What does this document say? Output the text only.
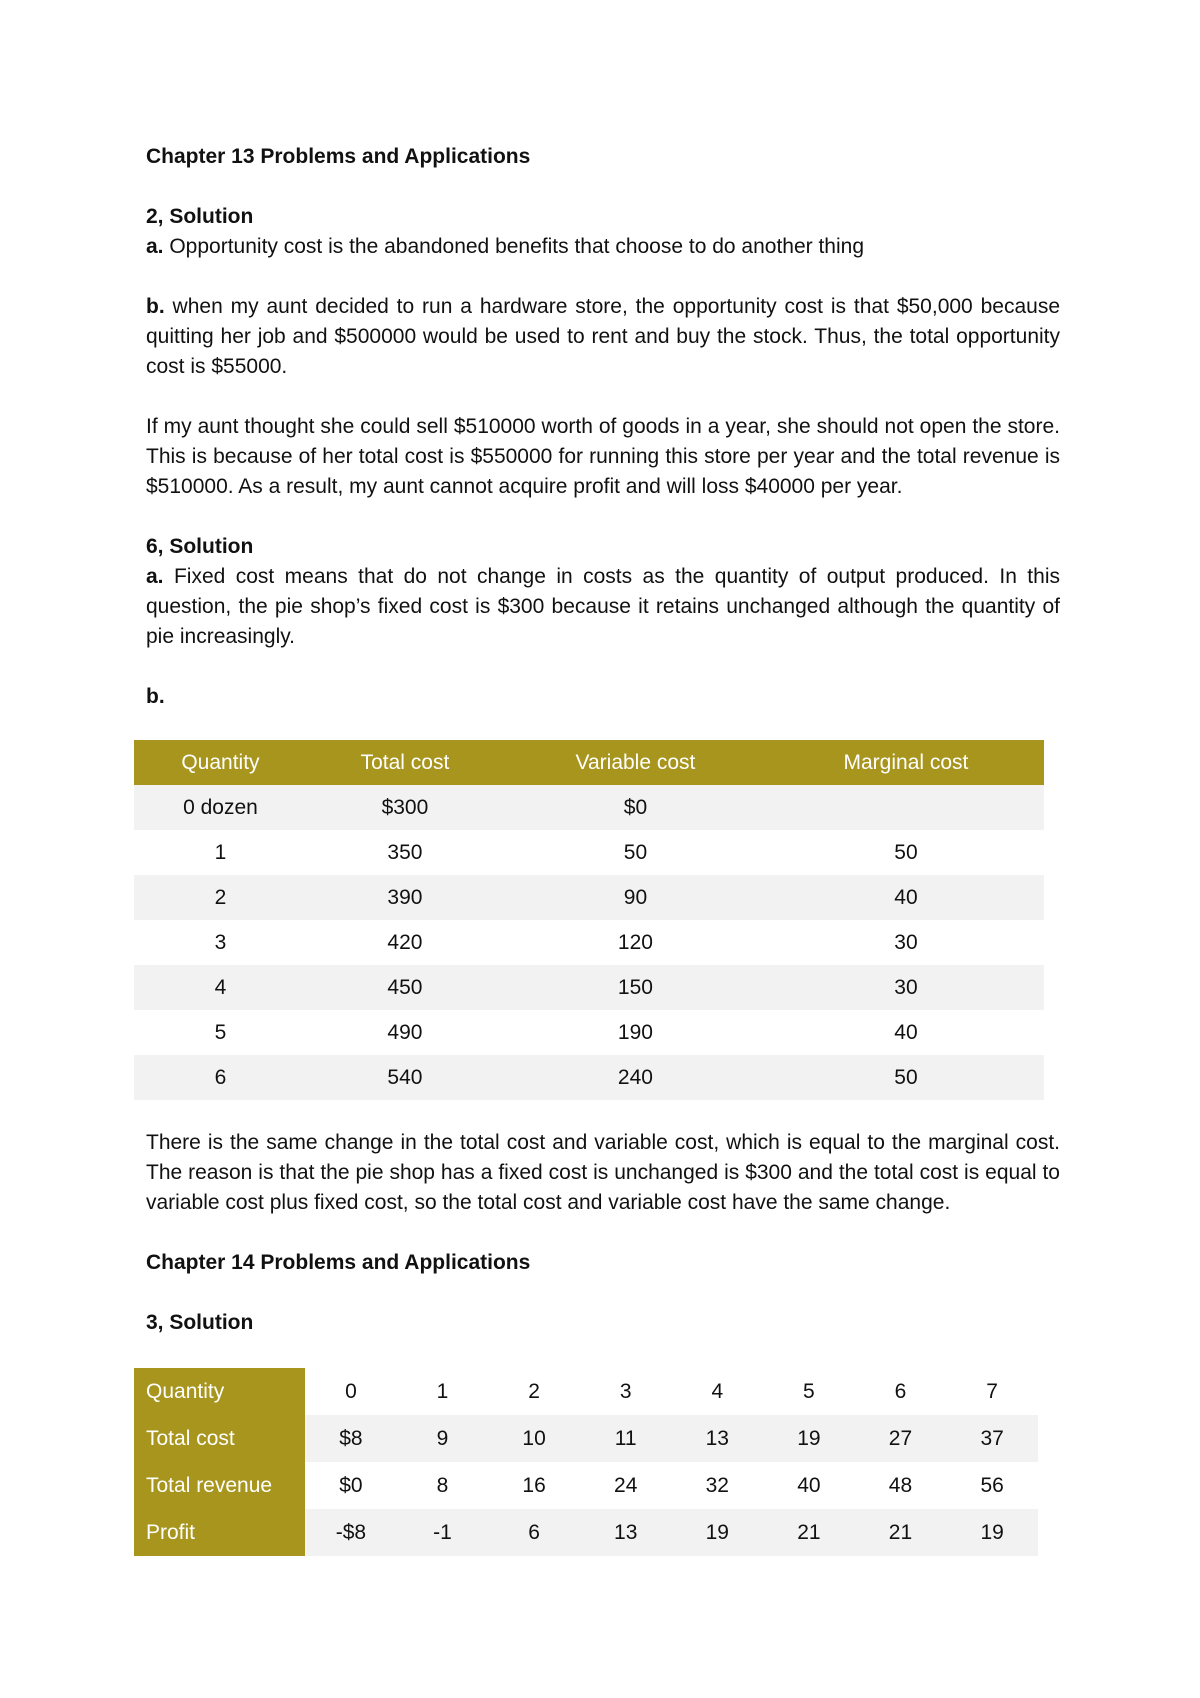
Chapter 13 Problems and Applications
2, Solution

a. Opportunity cost is the abandoned benefits that choose to do another thing

b. when my aunt decided to run a hardware store, the opportunity cost is that $50,000 because quitting her job and $500000 would be used to rent and buy the stock. Thus, the total opportunity cost is $55000.

If my aunt thought she could sell $510000 worth of goods in a year, she should not open the store. This is because of her total cost is $550000 for running this store per year and the total revenue is $510000. As a result, my aunt cannot acquire profit and will loss $40000 per year.

6, Solution

a. Fixed cost means that do not change in costs as the quantity of output produced. In this question, the pie shop’s fixed cost is $300 because it retains unchanged although the quantity of pie increasingly.

b.
Quantity	Total cost	Variable cost	Marginal cost
0 dozen	$300	$0	
1	350	50	50
2	390	90	40
3	420	120	30
4	450	150	30
5	490	190	40
6	540	240	50

There is the same change in the total cost and variable cost, which is equal to the marginal cost. The reason is that the pie shop has a fixed cost is unchanged is $300 and the total cost is equal to variable cost plus fixed cost, so the total cost and variable cost have the same change.

Chapter 14 Problems and Applications
3, Solution
Quantity	0	1	2	3	4	5	6	7
Total cost	$8	9	10	11	13	19	27	37
Total revenue	$0	8	16	24	32	40	48	56
Profit	-$8	-1	6	13	19	21	21	19
